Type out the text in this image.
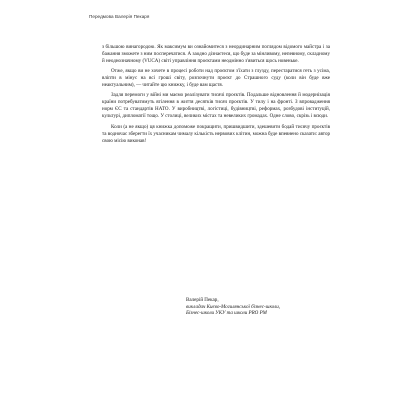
Передмова Валерія Пекаря

з більшою винагородою. Як максимум ви ознайомитеся з неординарним поглядом відомого майстра і за бажання зможете з ним посперечатися. А заодно дізнаєтеся, що буде за мінливому, непевному, складному й неоднозначному (VUCA) світі управління проєктами неодмінно з'явиться щось новеньке.

Отже, якщо ви не хочете в процесі роботи над проєктом з'їхати з глузду, перестаратися геть з усіма, вліпти в мінус на всі гроші світу, розпочнути проєкт до Страшного суду (коли він буде вже неактуальним), — читайте цю книжку, і буде вам щастя.

Задля перемоги у війні ми маємо реалізувати тисячі проєктів. Подальше відновлення й модернізація країни потребуватимуть втілення в життя десятків тисяч проєктів. У тилу і на фронті. З впровадження норм ЄС та стандартів НАТО. У виробництві, логістиці, будівництві, реформах, розбудові інституцій, культурі, дипломатії тощо. У столиці, великих містах та невеликих громадах. Одне слово, скрізь і всюди.

Коли (а не якщо) ця книжка допоможе покращити, пришвидшити, здешевити бодай тисячу проєктів та водночас зберегти їх учасникам чималу кількість нервових клітин, можна буде впевнено сказати: автор свою місію виконав!

Валерій Пекар,
викладач Києво-Могилянської бізнес-школи,
Бізнес-школи УКУ та школи PRO PM
